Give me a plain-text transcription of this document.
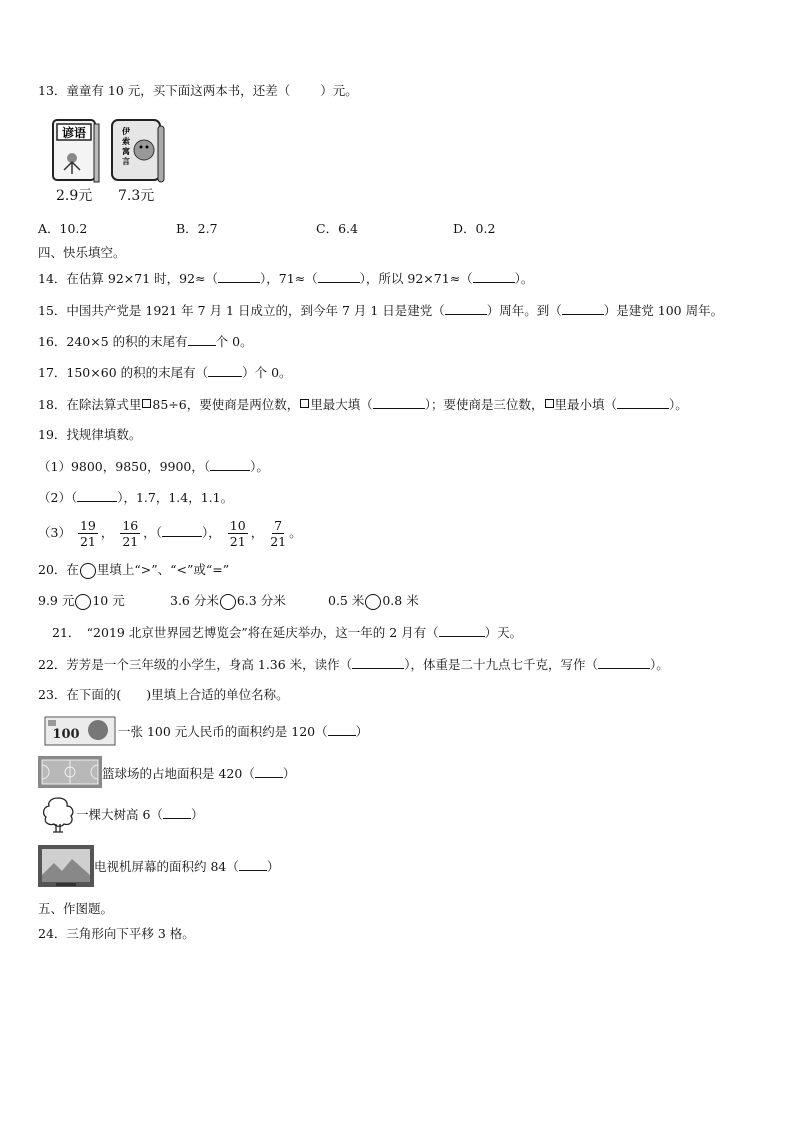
13．童童有 10 元，买下面这两本书，还差（ ）元。
谚语
2.9元
伊
索
寓
言
7.3元
A．10.2	B．2.7	C．6.4	D．0.2
四、快乐填空。
14．在估算 92×71 时，92≈（	），71≈（	），所以 92×71≈（	）。
15．中国共产党是 1921 年 7 月 1 日成立的，到今年 7 月 1 日是建党（	）周年。到（	）是建党 100 周年。
16．240×5 的积的末尾有 个 0。
17．150×60 的积的末尾有（	）个 0。
18．在除法算式里 85÷6，要使商是两位数， 里最大填（	）；要使商是三位数， 里最小填（	）。
19．找规律填数。
（1）9800，9850，9900，（	）。
（2）（	），1.7，1.4，1.1。
$(3) \frac{19}{21}$ ， $\frac{16}{21}$ ，（	）， $\frac{10}{21}$ ， $\frac{7}{21}$ 。
20．在 里填上“>”、“<”或“=”
9.9 元 10 元	3.6 分米 6.3 分米	0.5 米 0.8 米
21．　“2019 北京世界园艺博览会”将在延庆举办，这一年的 2 月有（	）天。
22．芳芳是一个三年级的小学生，身高 1.36 米，读作（	），体重是二十九点七千克，写作（	）。
23．在下面的(　　)里填上合适的单位名称。
100	一张 100 元人民币的面积约是 120（ ）
篮球场的占地面积是 420（ ）
一棵大树高 6（ ）
电视机屏幕的面积约 84（ ）
五、作图题。
24．三角形向下平移 3 格。
